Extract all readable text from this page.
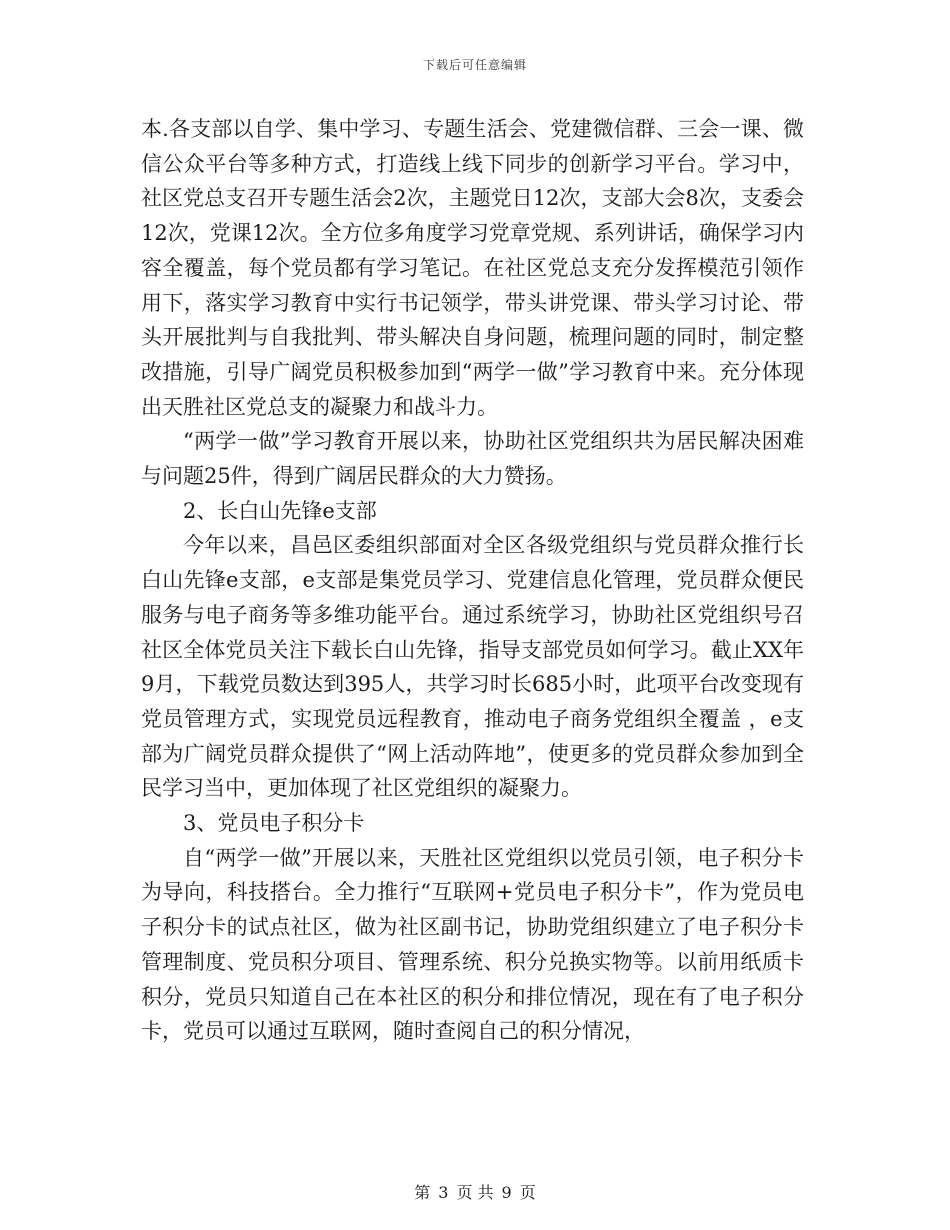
下载后可任意编辑

本.各支部以自学、集中学习、专题生活会、党建微信群、三会一课、微信公众平台等多种方式，打造线上线下同步的创新学习平台。学习中，社区党总支召开专题生活会2次，主题党日12次，支部大会8次，支委会12次，党课12次。全方位多角度学习党章党规、系列讲话，确保学习内容全覆盖，每个党员都有学习笔记。在社区党总支充分发挥模范引领作用下，落实学习教育中实行书记领学，带头讲党课、带头学习讨论、带头开展批判与自我批判、带头解决自身问题，梳理问题的同时，制定整改措施，引导广阔党员积极参加到“两学一做”学习教育中来。充分体现出天胜社区党总支的凝聚力和战斗力。

“两学一做”学习教育开展以来，协助社区党组织共为居民解决困难与问题25件，得到广阔居民群众的大力赞扬。

2、长白山先锋e支部

今年以来，昌邑区委组织部面对全区各级党组织与党员群众推行长白山先锋e支部，e支部是集党员学习、党建信息化管理，党员群众便民服务与电子商务等多维功能平台。通过系统学习，协助社区党组织号召社区全体党员关注下载长白山先锋，指导支部党员如何学习。截止XX年9月，下载党员数达到395人，共学习时长685小时，此项平台改变现有党员管理方式，实现党员远程教育，推动电子商务党组织全覆盖 ，e支部为广阔党员群众提供了“网上活动阵地”，使更多的党员群众参加到全民学习当中，更加体现了社区党组织的凝聚力。

3、党员电子积分卡

自“两学一做”开展以来，天胜社区党组织以党员引领，电子积分卡为导向，科技搭台。全力推行“互联网+党员电子积分卡”，作为党员电子积分卡的试点社区，做为社区副书记，协助党组织建立了电子积分卡管理制度、党员积分项目、管理系统、积分兑换实物等。以前用纸质卡积分，党员只知道自己在本社区的积分和排位情况，现在有了电子积分卡，党员可以通过互联网，随时查阅自己的积分情况，

第 3 页 共 9 页
